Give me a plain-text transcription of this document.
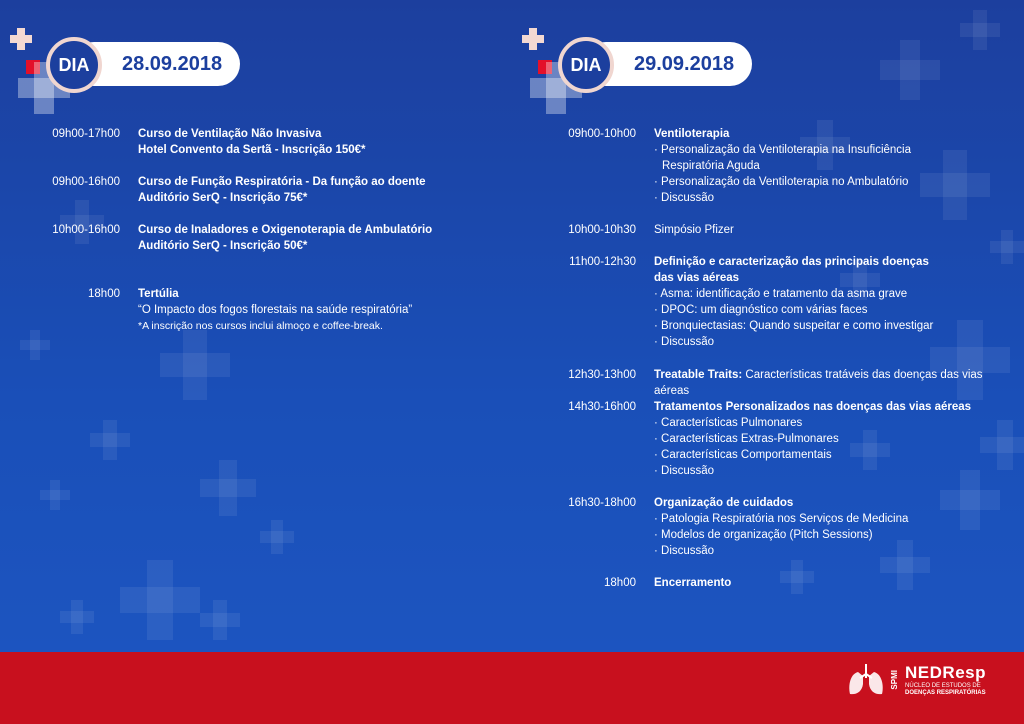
28.09.2018
DIA
09h00-17h00 Curso de Ventilação Não Invasiva
Hotel Convento da Sertã - Inscrição 150€*
09h00-16h00 Curso de Função Respiratória - Da função ao doente
Auditório SerQ - Inscrição 75€*
10h00-16h00 Curso de Inaladores e Oxigenoterapia de Ambulatório
Auditório SerQ - Inscrição 50€*
18h00 Tertúlia
“O Impacto dos fogos florestais na saúde respiratória”
*A inscrição nos cursos inclui almoço e coffee-break.
29.09.2018
DIA
09h00-10h00 Ventiloterapia
· Personalização da Ventiloterapia na Insuficiência
Respiratória Aguda
· Personalização da Ventiloterapia no Ambulatório
· Discussão
10h00-10h30 Simpósio Pfizer
11h00-12h30 Definição e caracterização das principais doenças das vias aéreas
· Asma: identificação e tratamento da asma grave
· DPOC: um diagnóstico com várias faces
· Bronquiectasias: Quando suspeitar e como investigar
· Discussão
12h30-13h00 Treatable Traits: Características tratáveis das doenças das vias aéreas
14h30-16h00 Tratamentos Personalizados nas doenças das vias aéreas
· Características Pulmonares
· Características Extras-Pulmonares
· Características Comportamentais
· Discussão
16h30-18h00 Organização de cuidados
· Patologia Respiratória nos Serviços de Medicina
· Modelos de organização (Pitch Sessions)
· Discussão
18h00 Encerramento
SPMI NEDResp
NÚCLEO DE ESTUDOS DE
DOENÇAS RESPIRATÓRIAS
